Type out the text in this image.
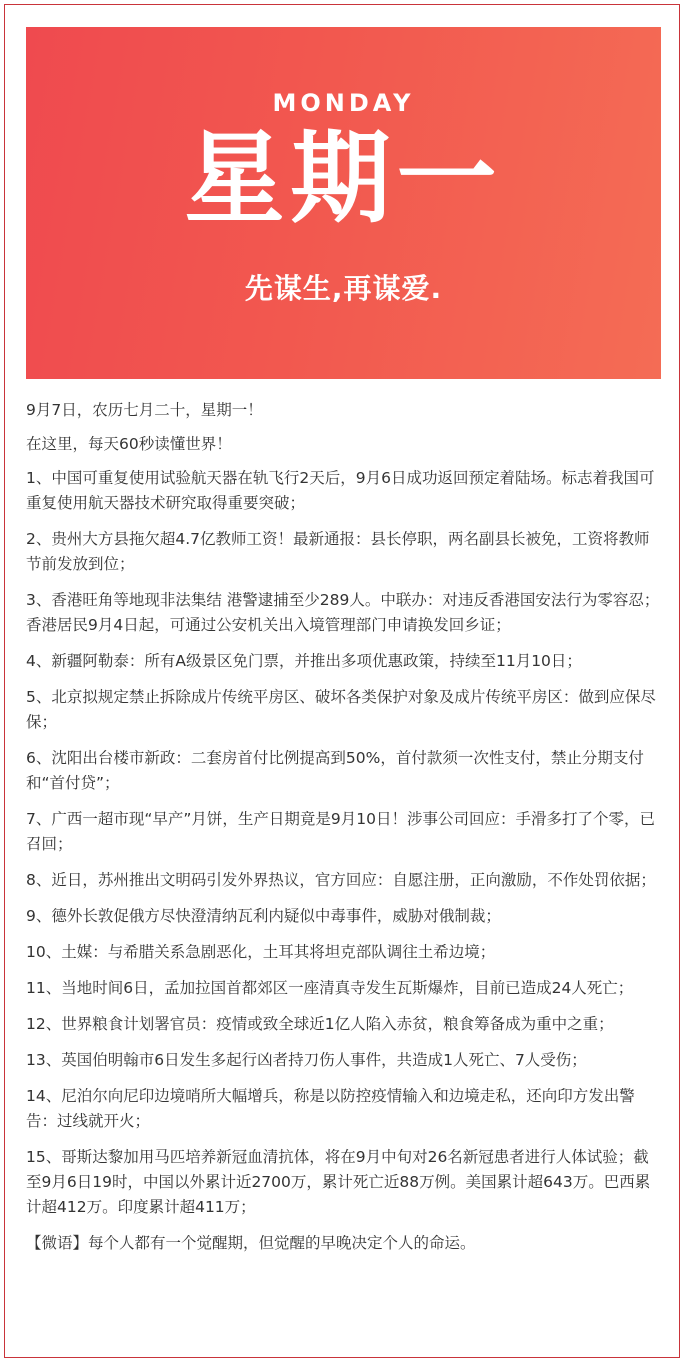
MONDAY
星期一
先谋生,再谋爱.

9月7日，农历七月二十，星期一！

在这里，每天60秒读懂世界！

1、中国可重复使用试验航天器在轨飞行2天后，9月6日成功返回预定着陆场。标志着我国可重复使用航天器技术研究取得重要突破；

2、贵州大方县拖欠超4.7亿教师工资！最新通报：县长停职，两名副县长被免，工资将教师节前发放到位；

3、香港旺角等地现非法集结 港警逮捕至少289人。中联办：对违反香港国安法行为零容忍；香港居民9月4日起，可通过公安机关出入境管理部门申请换发回乡证；

4、新疆阿勒泰：所有A级景区免门票，并推出多项优惠政策，持续至11月10日；

5、北京拟规定禁止拆除成片传统平房区、破坏各类保护对象及成片传统平房区：做到应保尽保；

6、沈阳出台楼市新政：二套房首付比例提高到50%，首付款须一次性支付，禁止分期支付和“首付贷”；

7、广西一超市现“早产”月饼，生产日期竟是9月10日！涉事公司回应：手滑多打了个零，已召回；

8、近日，苏州推出文明码引发外界热议，官方回应：自愿注册，正向激励，不作处罚依据；

9、德外长敦促俄方尽快澄清纳瓦利内疑似中毒事件，威胁对俄制裁；

10、土媒：与希腊关系急剧恶化，土耳其将坦克部队调往土希边境；

11、当地时间6日，孟加拉国首都郊区一座清真寺发生瓦斯爆炸，目前已造成24人死亡；

12、世界粮食计划署官员：疫情或致全球近1亿人陷入赤贫，粮食筹备成为重中之重；

13、英国伯明翰市6日发生多起行凶者持刀伤人事件，共造成1人死亡、7人受伤；

14、尼泊尔向尼印边境哨所大幅增兵，称是以防控疫情输入和边境走私，还向印方发出警告：过线就开火；

15、哥斯达黎加用马匹培养新冠血清抗体，将在9月中旬对26名新冠患者进行人体试验；截至9月6日19时，中国以外累计近2700万，累计死亡近88万例。美国累计超643万。巴西累计超412万。印度累计超411万；

【微语】每个人都有一个觉醒期，但觉醒的早晚决定个人的命运。
